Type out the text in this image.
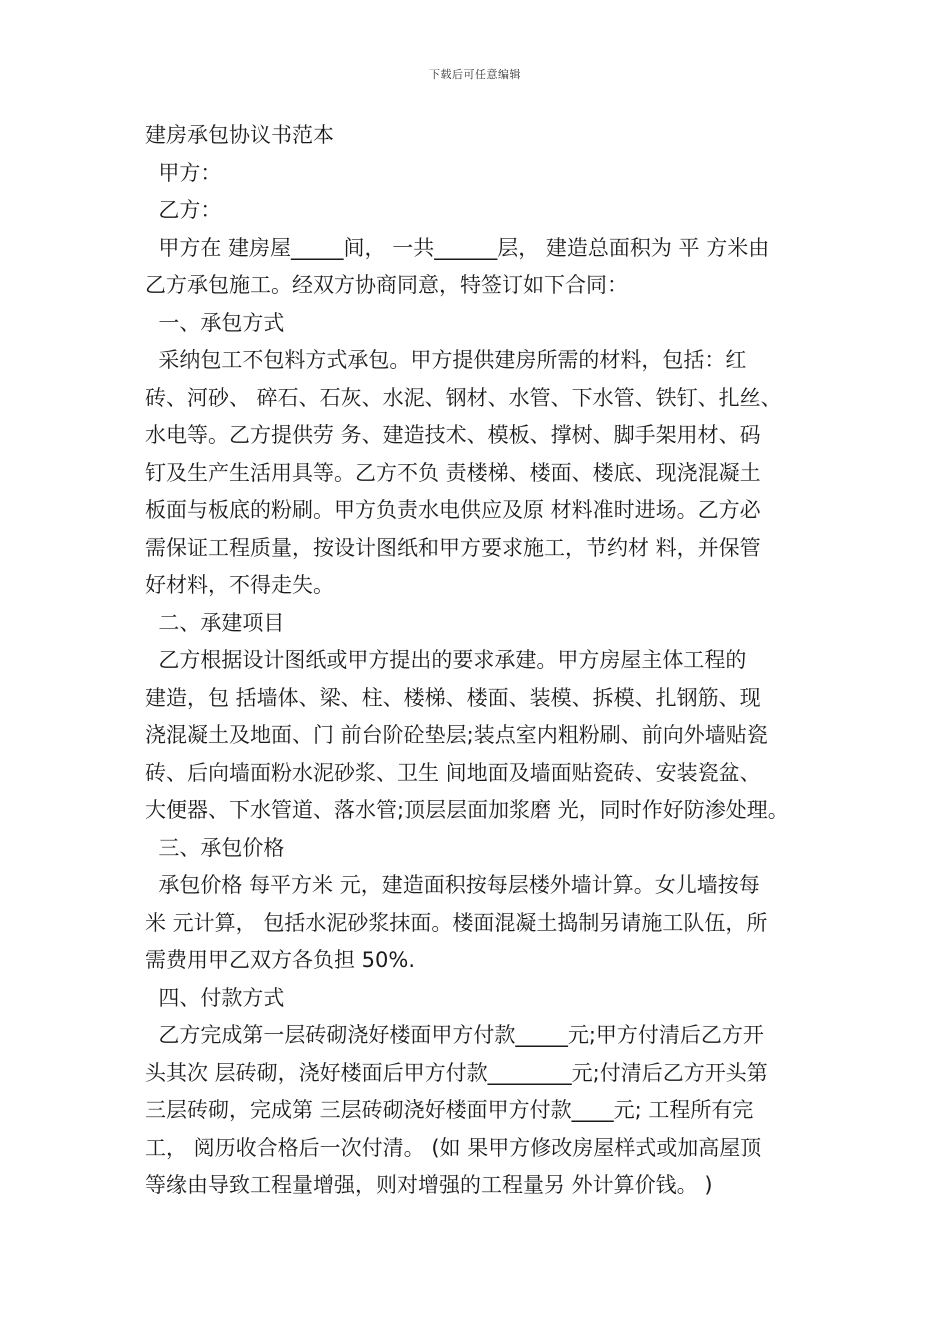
下载后可任意编辑
建房承包协议书范本
甲方：
乙方：
甲方在 建房屋_____间， 一共______层， 建造总面积为 平 方米由
乙方承包施工。经双方协商同意，特签订如下合同：
一、承包方式
采纳包工不包料方式承包。甲方提供建房所需的材料，包括：红
砖、河砂、 碎石、石灰、水泥、钢材、水管、下水管、铁钉、扎丝、
水电等。乙方提供劳 务、建造技术、模板、撑树、脚手架用材、码
钉及生产生活用具等。乙方不负 责楼梯、楼面、楼底、现浇混凝土
板面与板底的粉刷。甲方负责水电供应及原 材料准时进场。乙方必
需保证工程质量，按设计图纸和甲方要求施工，节约材 料，并保管
好材料，不得走失。
二、承建项目
乙方根据设计图纸或甲方提出的要求承建。甲方房屋主体工程的
建造，包 括墙体、梁、柱、楼梯、楼面、装模、拆模、扎钢筋、现
浇混凝土及地面、门 前台阶砼垫层;装点室内粗粉刷、前向外墙贴瓷
砖、后向墙面粉水泥砂浆、卫生 间地面及墙面贴瓷砖、安装瓷盆、
大便器、下水管道、落水管;顶层层面加浆磨 光，同时作好防渗处理。
三、承包价格
承包价格 每平方米 元，建造面积按每层楼外墙计算。女儿墙按每
米 元计算， 包括水泥砂浆抹面。楼面混凝土捣制另请施工队伍，所
需费用甲乙双方各负担 50%.
四、付款方式
乙方完成第一层砖砌浇好楼面甲方付款_____元;甲方付清后乙方开
头其次 层砖砌，浇好楼面后甲方付款________元;付清后乙方开头第
三层砖砌，完成第 三层砖砌浇好楼面甲方付款____元; 工程所有完
工， 阅历收合格后一次付清。 (如 果甲方修改房屋样式或加高屋顶
等缘由导致工程量增强，则对增强的工程量另 外计算价钱。 )
